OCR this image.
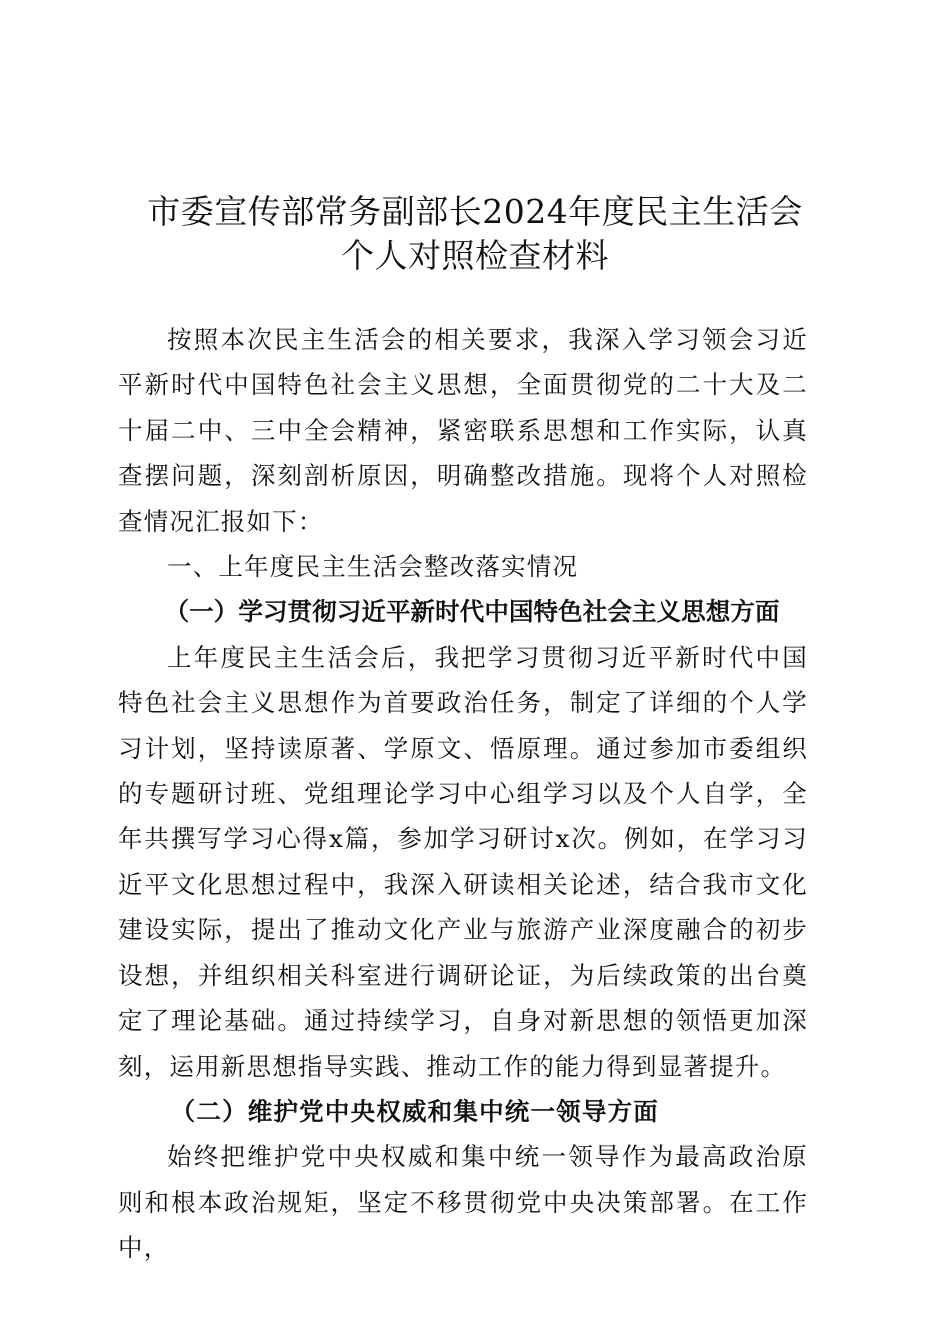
市委宣传部常务副部长2024年度民主生活会
个人对照检查材料

按照本次民主生活会的相关要求，我深入学习领会习近平新时代中国特色社会主义思想，全面贯彻党的二十大及二十届二中、三中全会精神，紧密联系思想和工作实际，认真查摆问题，深刻剖析原因，明确整改措施。现将个人对照检查情况汇报如下：

一、上年度民主生活会整改落实情况
（一）学习贯彻习近平新时代中国特色社会主义思想方面

上年度民主生活会后，我把学习贯彻习近平新时代中国特色社会主义思想作为首要政治任务，制定了详细的个人学习计划，坚持读原著、学原文、悟原理。通过参加市委组织的专题研讨班、党组理论学习中心组学习以及个人自学，全年共撰写学习心得x篇，参加学习研讨x次。例如，在学习习近平文化思想过程中，我深入研读相关论述，结合我市文化建设实际，提出了推动文化产业与旅游产业深度融合的初步设想，并组织相关科室进行调研论证，为后续政策的出台奠定了理论基础。通过持续学习，自身对新思想的领悟更加深刻，运用新思想指导实践、推动工作的能力得到显著提升。

（二）维护党中央权威和集中统一领导方面

始终把维护党中央权威和集中统一领导作为最高政治原则和根本政治规矩，坚定不移贯彻党中央决策部署。在工作中，
